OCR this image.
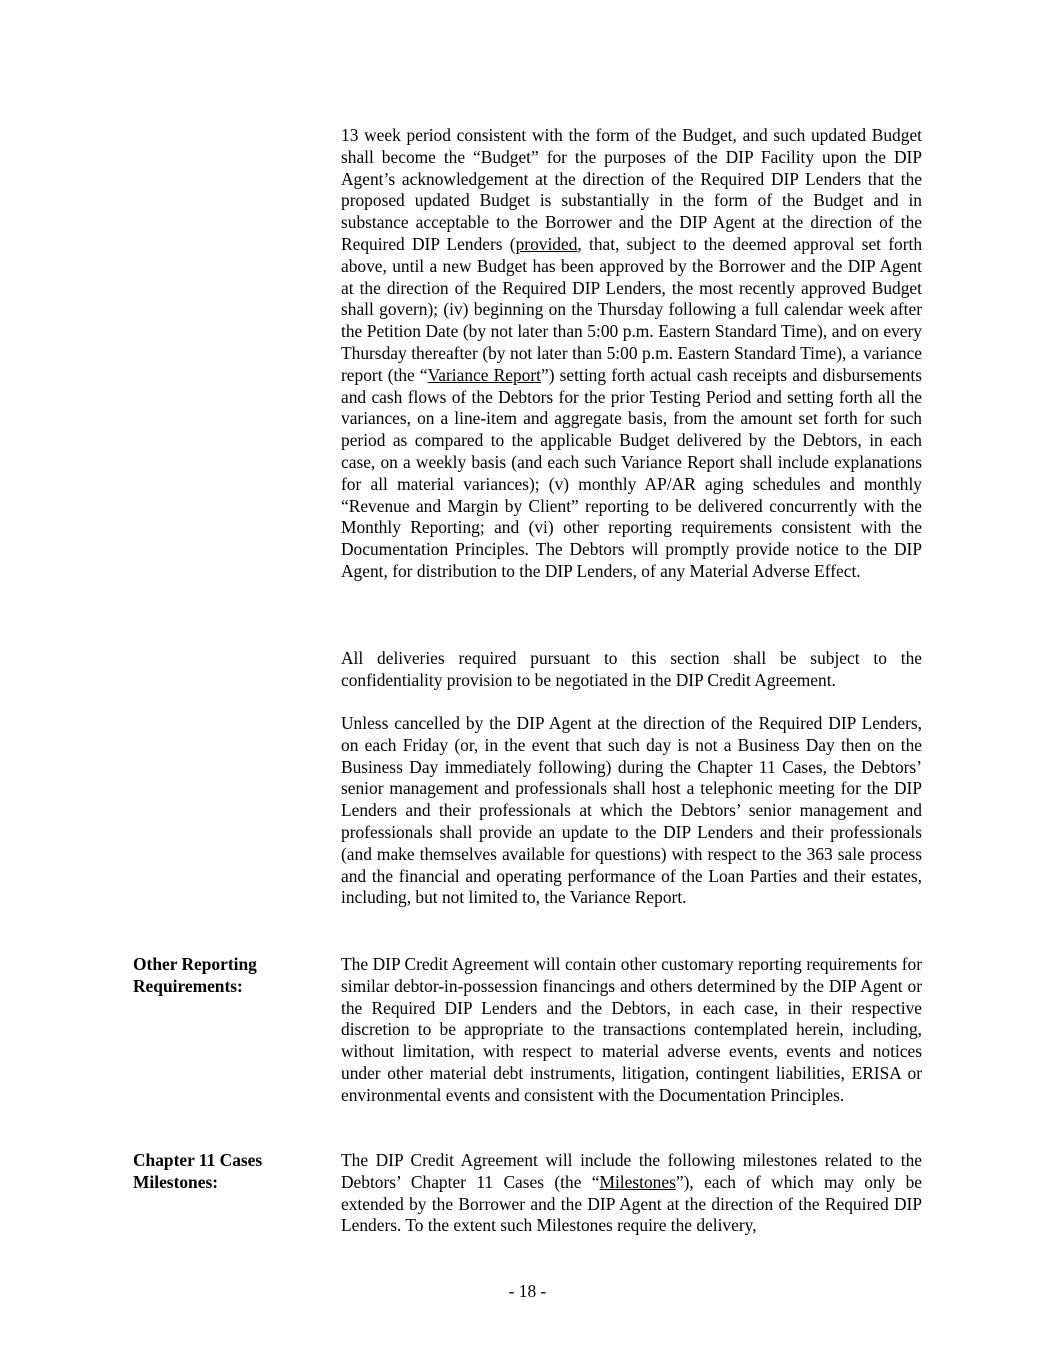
13 week period consistent with the form of the Budget, and such updated Budget shall become the “Budget” for the purposes of the DIP Facility upon the DIP Agent’s acknowledgement at the direction of the Required DIP Lenders that the proposed updated Budget is substantially in the form of the Budget and in substance acceptable to the Borrower and the DIP Agent at the direction of the Required DIP Lenders (provided, that, subject to the deemed approval set forth above, until a new Budget has been approved by the Borrower and the DIP Agent at the direction of the Required DIP Lenders, the most recently approved Budget shall govern); (iv) beginning on the Thursday following a full calendar week after the Petition Date (by not later than 5:00 p.m. Eastern Standard Time), and on every Thursday thereafter (by not later than 5:00 p.m. Eastern Standard Time), a variance report (the “Variance Report”) setting forth actual cash receipts and disbursements and cash flows of the Debtors for the prior Testing Period and setting forth all the variances, on a line-item and aggregate basis, from the amount set forth for such period as compared to the applicable Budget delivered by the Debtors, in each case, on a weekly basis (and each such Variance Report shall include explanations for all material variances); (v) monthly AP/AR aging schedules and monthly “Revenue and Margin by Client” reporting to be delivered concurrently with the Monthly Reporting; and (vi) other reporting requirements consistent with the Documentation Principles. The Debtors will promptly provide notice to the DIP Agent, for distribution to the DIP Lenders, of any Material Adverse Effect.

All deliveries required pursuant to this section shall be subject to the confidentiality provision to be negotiated in the DIP Credit Agreement.

Unless cancelled by the DIP Agent at the direction of the Required DIP Lenders, on each Friday (or, in the event that such day is not a Business Day then on the Business Day immediately following) during the Chapter 11 Cases, the Debtors’ senior management and professionals shall host a telephonic meeting for the DIP Lenders and their professionals at which the Debtors’ senior management and professionals shall provide an update to the DIP Lenders and their professionals (and make themselves available for questions) with respect to the 363 sale process and the financial and operating performance of the Loan Parties and their estates, including, but not limited to, the Variance Report.

Other Reporting
Requirements:

The DIP Credit Agreement will contain other customary reporting requirements for similar debtor-in-possession financings and others determined by the DIP Agent or the Required DIP Lenders and the Debtors, in each case, in their respective discretion to be appropriate to the transactions contemplated herein, including, without limitation, with respect to material adverse events, events and notices under other material debt instruments, litigation, contingent liabilities, ERISA or environmental events and consistent with the Documentation Principles.

Chapter 11 Cases
Milestones:

The DIP Credit Agreement will include the following milestones related to the Debtors’ Chapter 11 Cases (the “Milestones”), each of which may only be extended by the Borrower and the DIP Agent at the direction of the Required DIP Lenders. To the extent such Milestones require the delivery,

- 18 -
